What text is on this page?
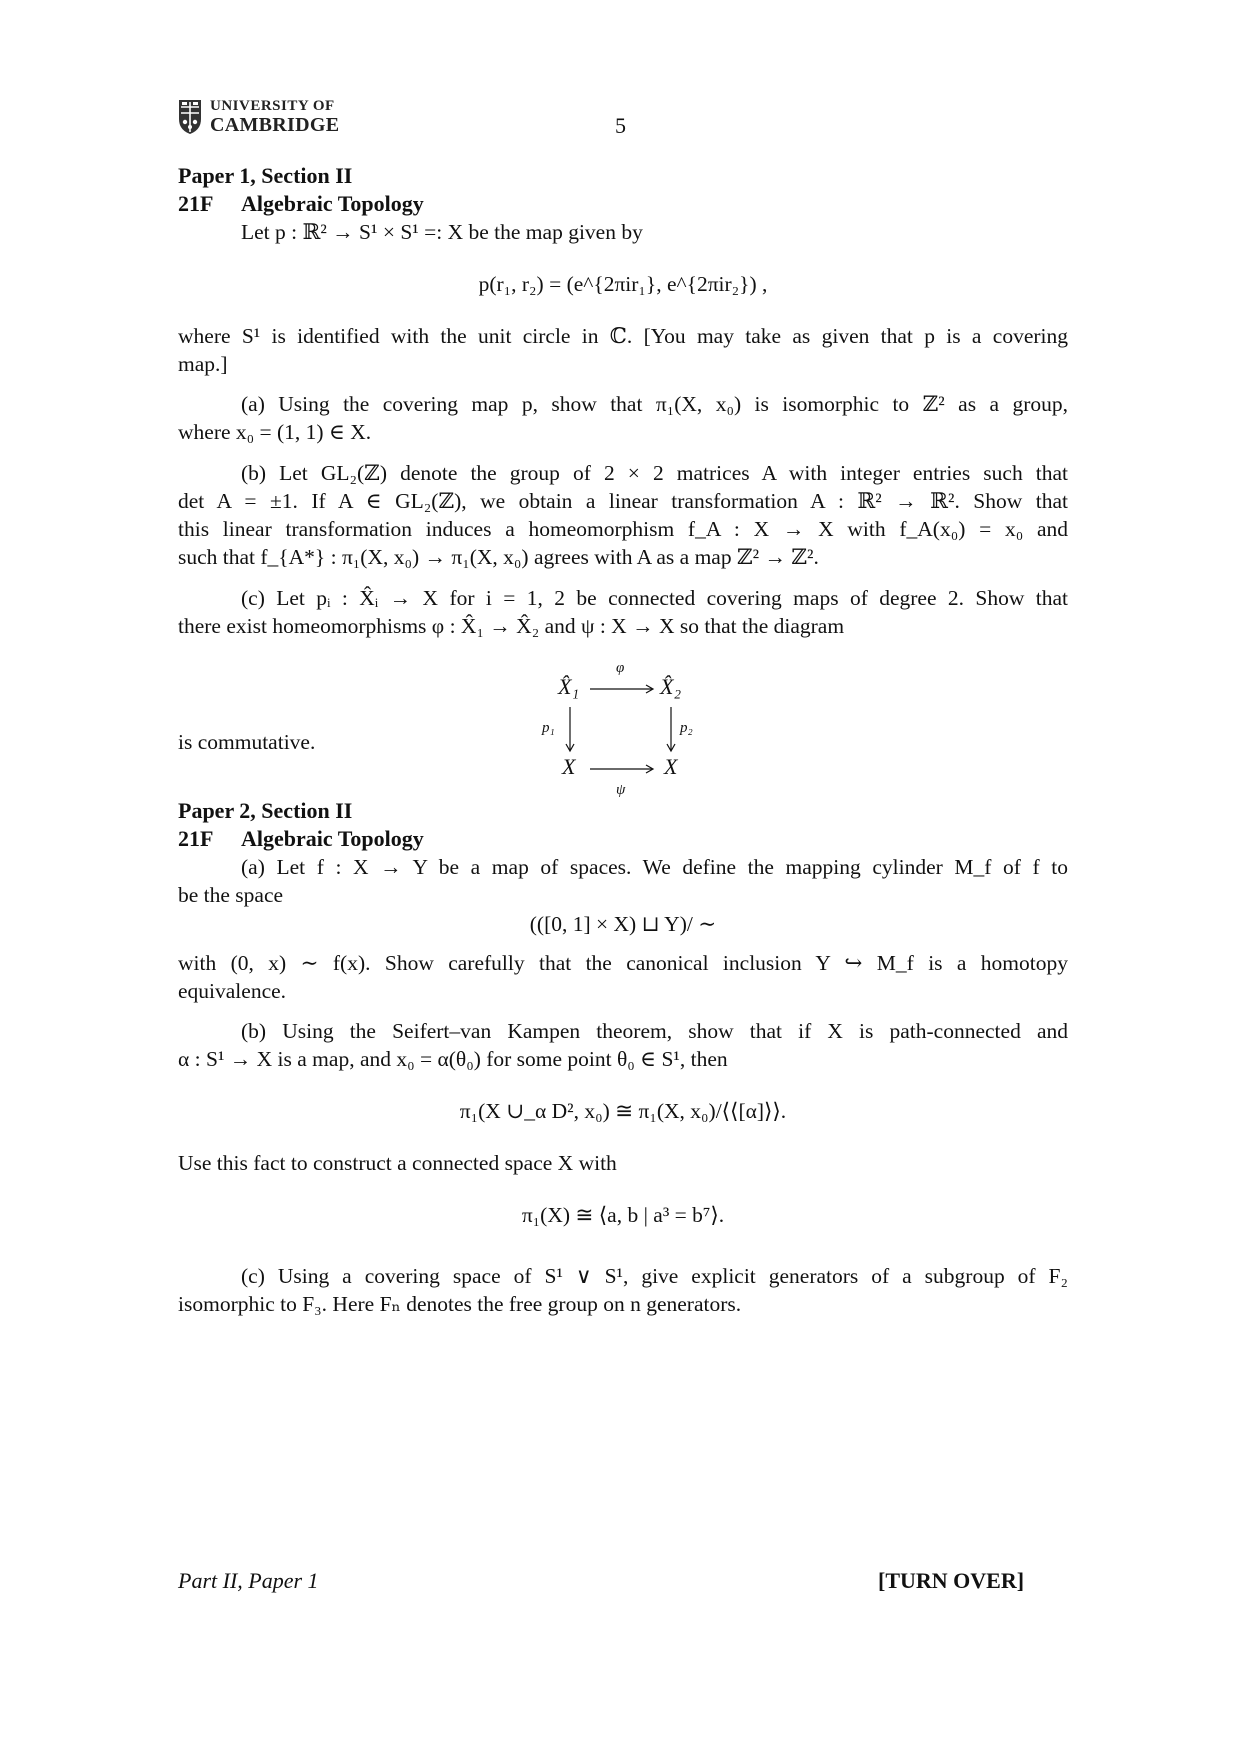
UNIVERSITY OF
CAMBRIDGE	5
Paper 1, Section II
21F Algebraic Topology
Let p : ℝ² → S¹ × S¹ =: X be the map given by
p(r₁, r₂) = (e^{2πir₁}, e^{2πir₂}) ,
where S¹ is identified with the unit circle in ℂ. [You may take as given that p is a covering
map.]
(a) Using the covering map p, show that π₁(X, x₀) is isomorphic to ℤ² as a group,
where x₀ = (1, 1) ∈ X.
(b) Let GL₂(ℤ) denote the group of 2 × 2 matrices A with integer entries such that
det A = ±1. If A ∈ GL₂(ℤ), we obtain a linear transformation A : ℝ² → ℝ². Show that
this linear transformation induces a homeomorphism f_A : X → X with f_A(x₀) = x₀ and
such that f_{A*} : π₁(X, x₀) → π₁(X, x₀) agrees with A as a map ℤ² → ℤ².
(c) Let pᵢ : X̂ᵢ → X for i = 1, 2 be connected covering maps of degree 2. Show that
there exist homeomorphisms φ : X̂₁ → X̂₂ and ψ : X → X so that the diagram
X̂₁	X̂₂
X	X
φ
ψ
p₁	p₂
is commutative.
Paper 2, Section II
21F Algebraic Topology
(a) Let f : X → Y be a map of spaces. We define the mapping cylinder M_f of f to
be the space
(([0, 1] × X) ⊔ Y)/ ∼
with (0, x) ∼ f(x). Show carefully that the canonical inclusion Y ↪ M_f is a homotopy
equivalence.
(b) Using the Seifert–van Kampen theorem, show that if X is path-connected and
α : S¹ → X is a map, and x₀ = α(θ₀) for some point θ₀ ∈ S¹, then
π₁(X ∪_α D², x₀) ≅ π₁(X, x₀)/⟨⟨[α]⟩⟩.
Use this fact to construct a connected space X with
π₁(X) ≅ ⟨a, b | a³ = b⁷⟩.
(c) Using a covering space of S¹ ∨ S¹, give explicit generators of a subgroup of F₂
isomorphic to F₃. Here Fₙ denotes the free group on n generators.
Part II, Paper 1	[TURN OVER]
